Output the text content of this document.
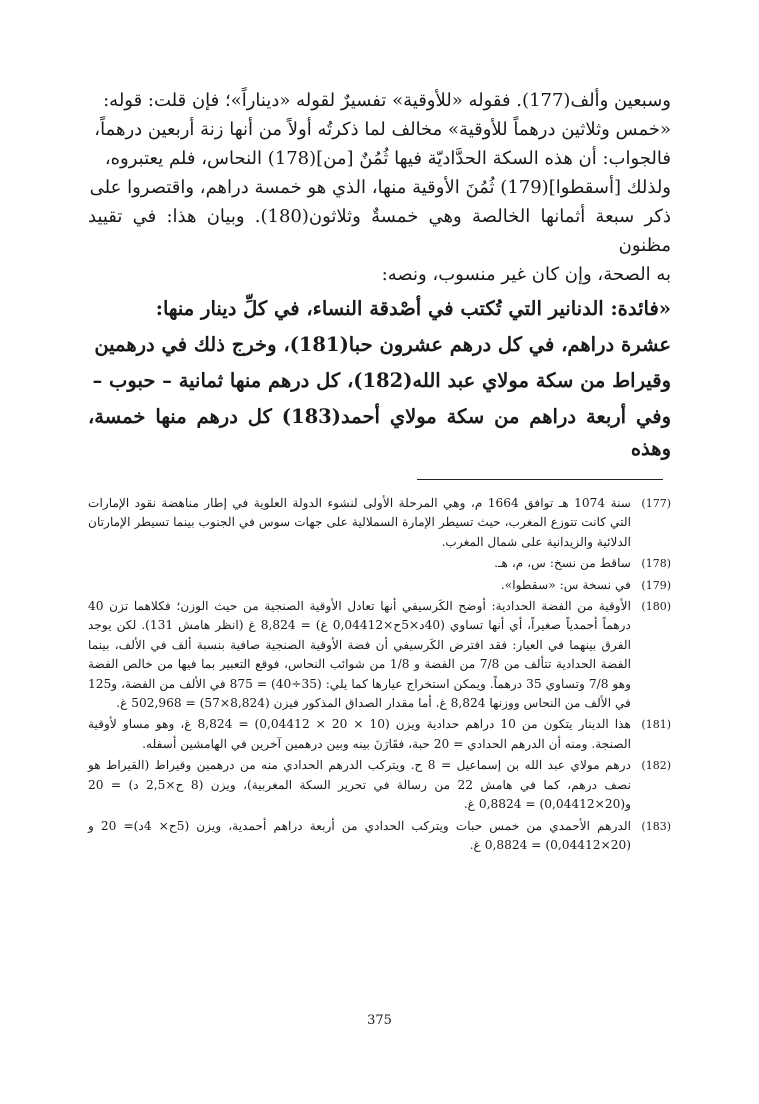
وسبعين وألف(177). فقوله «للأوقية» تفسيرٌ لقوله «ديناراً»؛ فإن قلت: قوله:

«خمس وثلاثين درهماً للأوقية» مخالف لما ذكرتُه أولاً من أنها زنة أربعين درهماً،

فالجواب: أن هذه السكة الحدَّاديّة فيها ثُمُنٌ [من](178) النحاس، فلم يعتبروه،

ولذلك [أسقطوا](179) ثُمُنَ الأوقية منها، الذي هو خمسة دراهم، واقتصروا على

ذكر سبعة أثمانها الخالصة وهي خمسةٌ وثلاثون(180). وبيان هذا: في تقييد مظنون

به الصحة، وإن كان غير منسوب، ونصه:

«فائدة: الدنانير التي تُكتب في أصْدقة النساء، في كلِّ دينار منها:

عشرة دراهم، في كل درهم عشرون حبا(181)، وخرج ذلك في درهمين

وقيراط من سكة مولاي عبد الله(182)، كل درهم منها ثمانية – حبوب –

وفي أربعة دراهم من سكة مولاي أحمد(183) كل درهم منها خمسة، وهذه

(177)
سنة 1074 هـ توافق 1664 م، وهي المرحلة الأولى لنشوء الدولة العلوية في إطار مناهضة نقود الإمارات التي كانت تتوزع المغرب، حيث تسيطر الإمارة السملالية على جهات سوس في الجنوب بينما تسيطر الإمارتان الدلائية والزيدانية على شمال المغرب.
(178)
ساقط من نسخ: س، م، هـ.
(179)
في نسخة س: «سقطوا».
(180)
الأوقية من الفضة الحدادية: أوضح الكَرسيفي أنها تعادل الأوقية الصنجية من حيث الوزن؛ فكلاهما تزن 40 درهماً أحمدياً صغيراً، أي أنها تساوي (40د×5ح×0,04412 غ) = 8,824 غ (انظر هامش 131). لكن يوجد الفرق بينهما في العيار: فقد افترض الكَرسيفي أن فضة الأوقية الصنجية صافية بنسبة ألف في الألف، بينما الفضة الحدادية تتألف من 7/8 من الفضة و 1/8 من شوائب النحاس، فوقع التعبير بما فيها من خالص الفضة وهو 7/8 وتساوي 35 درهماً. ويمكن استخراج عيارها كما يلي: (35÷40) = 875 في الألف من الفضة، و125 في الألف من النحاس ووزنها 8,824 غ. أما مقدار الصداق المذكور فيزن (8,824×57) = 502,968 غ.
(181)
هذا الدينار يتكون من 10 دراهم حدادية ويزن (10 × 20 × 0,04412) = 8,824 غ، وهو مساو لأوقية الصنجة. ومنه أن الدرهم الحدادي = 20 حبة، فقَارَنَ بينه وبين درهمين آخرين في الهامشين أسفله.
(182)
درهم مولاي عبد الله بن إسماعيل = 8 ح. ويتركب الدرهم الحدادي منه من درهمين وقيراط (القيراط هو نصف درهم، كما في هامش 22 من رسالة في تحرير السكة المغربية)، ويزن (8 ح×2,5 د) = 20 و(20×0,04412) = 0,8824 غ.
(183)
الدرهم الأحمدي من خمس حبات ويتركب الحدادي من أربعة دراهم أحمدية، ويزن (5ح× 4د)= 20 و (20×0,04412) = 0,8824 غ.
375
